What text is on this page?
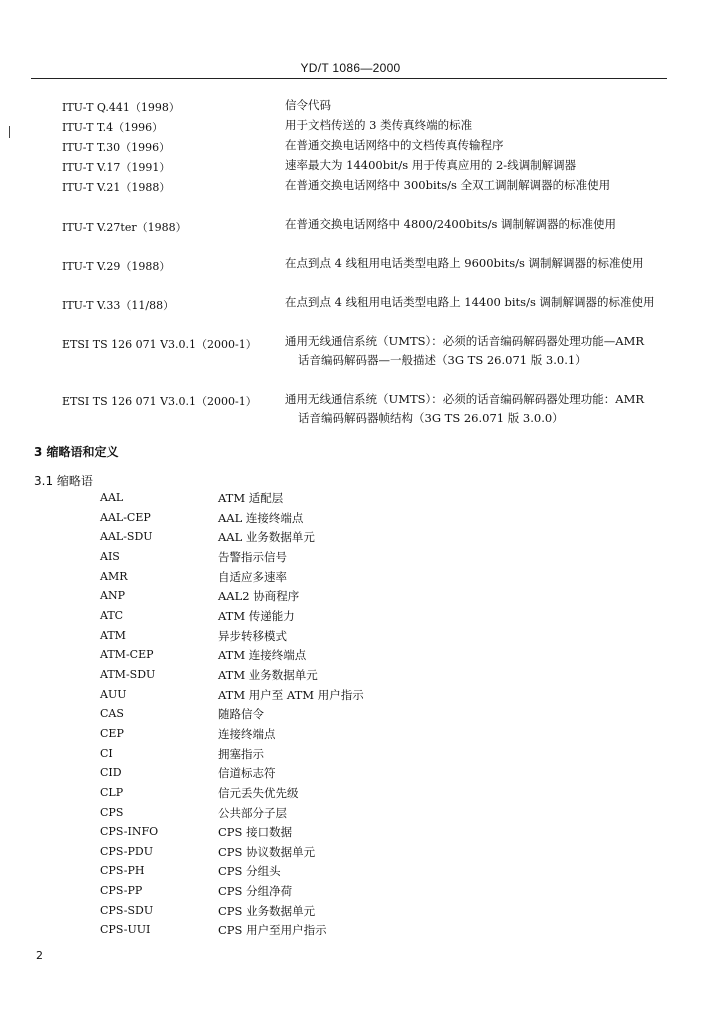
YD/T 1086—2000
ITU-T Q.441（1998）	信令代码
ITU-T T.4（1996）	用于文档传送的 3 类传真终端的标准
ITU-T T.30（1996）	在普通交换电话网络中的文档传真传输程序
ITU-T V.17（1991）	速率最大为 14400bit/s 用于传真应用的 2-线调制解调器
ITU-T V.21（1988）	在普通交换电话网络中 300bits/s 全双工调制解调器的标准使用
ITU-T V.27ter（1988）	在普通交换电话网络中 4800/2400bits/s 调制解调器的标准使用
ITU-T V.29（1988）	在点到点 4 线租用电话类型电路上 9600bits/s 调制解调器的标准使用
ITU-T V.33（11/88）	在点到点 4 线租用电话类型电路上 14400 bits/s 调制解调器的标准使用
ETSI TS 126 071 V3.0.1（2000-1） 通用无线通信系统（UMTS）：必须的话音编码解码器处理功能—AMR 话音编码解码器—一般描述（3G TS 26.071 版 3.0.1）
ETSI TS 126 071 V3.0.1（2000-1） 通用无线通信系统（UMTS）：必须的话音编码解码器处理功能：AMR 话音编码解码器帧结构（3G TS 26.071 版 3.0.0）
3 缩略语和定义
3.1 缩略语
AAL	ATM 适配层
AAL-CEP	AAL 连接终端点
AAL-SDU	AAL 业务数据单元
AIS	告警指示信号
AMR	自适应多速率
ANP	AAL2 协商程序
ATC	ATM 传递能力
ATM	异步转移模式
ATM-CEP	ATM 连接终端点
ATM-SDU	ATM 业务数据单元
AUU	ATM 用户至 ATM 用户指示
CAS	随路信令
CEP	连接终端点
CI	拥塞指示
CID	信道标志符
CLP	信元丢失优先级
CPS	公共部分子层
CPS-INFO	CPS 接口数据
CPS-PDU	CPS 协议数据单元
CPS-PH	CPS 分组头
CPS-PP	CPS 分组净荷
CPS-SDU	CPS 业务数据单元
CPS-UUI	CPS 用户至用户指示
2
